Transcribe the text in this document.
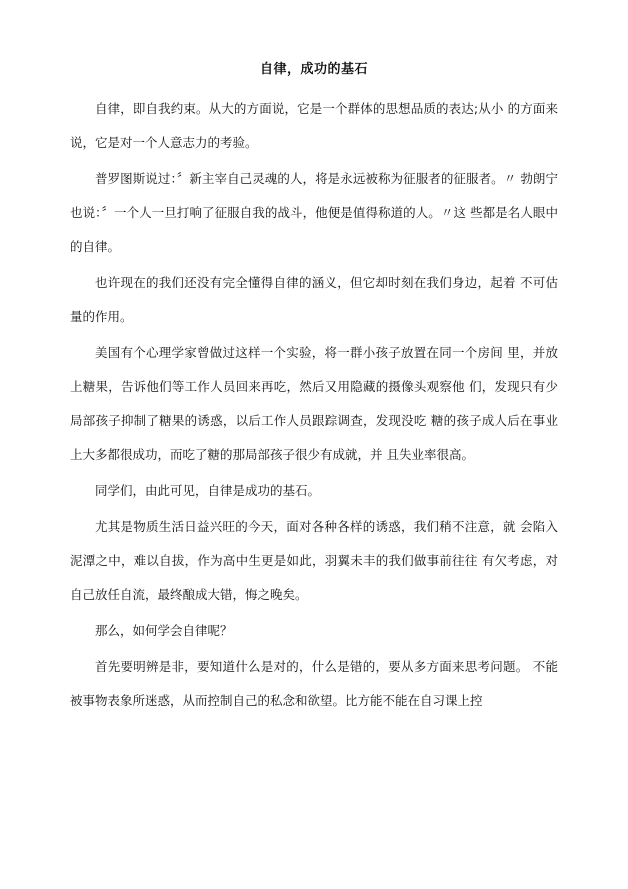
自律，成功的基石

自律，即自我约束。从大的方面说，它是一个群体的思想品质的表达;从小 的方面来说，它是对一个人意志力的考验。

普罗图斯说过：〞新主宰自己灵魂的人，将是永远被称为征服者的征服者。〃 勃朗宁也说：〞一个人一旦打响了征服自我的战斗，他便是值得称道的人。〃这 些都是名人眼中的自律。

也许现在的我们还没有完全懂得自律的涵义，但它却时刻在我们身边，起着 不可估量的作用。

美国有个心理学家曾做过这样一个实验，将一群小孩子放置在同一个房间 里，并放上糖果，告诉他们等工作人员回来再吃，然后又用隐藏的摄像头观察他 们，发现只有少局部孩子抑制了糖果的诱惑，以后工作人员跟踪调查，发现没吃 糖的孩子成人后在事业上大多都很成功，而吃了糖的那局部孩子很少有成就，并 且失业率很高。

同学们，由此可见，自律是成功的基石。

尤其是物质生活日益兴旺的今天，面对各种各样的诱惑，我们稍不注意，就 会陷入泥潭之中，难以自拔，作为高中生更是如此，羽翼未丰的我们做事前往往 有欠考虑，对自己放任自流，最终酿成大错，悔之晚矣。

那么，如何学会自律呢？

首先要明辨是非，要知道什么是对的，什么是错的，要从多方面来思考问题。 不能被事物表象所迷惑，从而控制自己的私念和欲望。比方能不能在自习课上控
